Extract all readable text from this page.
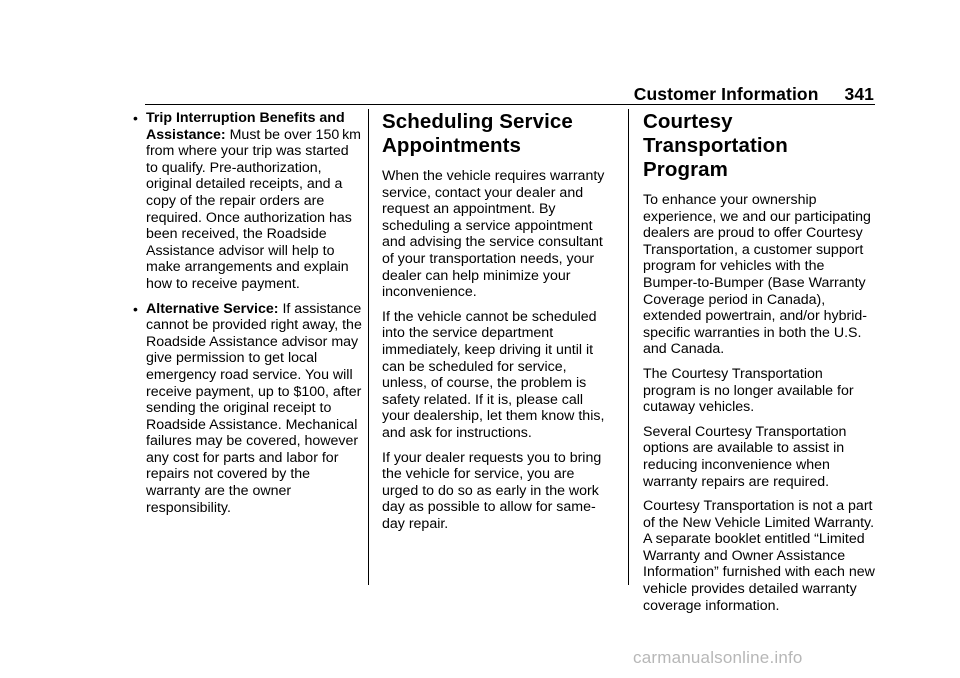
Customer Information 341
• Trip Interruption Benefits and Assistance: Must be over 150 km from where your trip was started to qualify. Pre-authorization, original detailed receipts, and a copy of the repair orders are required. Once authorization has been received, the Roadside Assistance advisor will help to make arrangements and explain how to receive payment.
• Alternative Service: If assistance cannot be provided right away, the Roadside Assistance advisor may give permission to get local emergency road service. You will receive payment, up to $100, after sending the original receipt to Roadside Assistance. Mechanical failures may be covered, however any cost for parts and labor for repairs not covered by the warranty are the owner responsibility.
Scheduling Service Appointments

When the vehicle requires warranty service, contact your dealer and request an appointment. By scheduling a service appointment and advising the service consultant of your transportation needs, your dealer can help minimize your inconvenience.

If the vehicle cannot be scheduled into the service department immediately, keep driving it until it can be scheduled for service, unless, of course, the problem is safety related. If it is, please call your dealership, let them know this, and ask for instructions.

If your dealer requests you to bring the vehicle for service, you are urged to do so as early in the work day as possible to allow for same-day repair.

Courtesy Transportation Program

To enhance your ownership experience, we and our participating dealers are proud to offer Courtesy Transportation, a customer support program for vehicles with the Bumper-to-Bumper (Base Warranty Coverage period in Canada), extended powertrain, and/or hybrid-specific warranties in both the U.S. and Canada.

The Courtesy Transportation program is no longer available for cutaway vehicles.

Several Courtesy Transportation options are available to assist in reducing inconvenience when warranty repairs are required.

Courtesy Transportation is not a part of the New Vehicle Limited Warranty. A separate booklet entitled “Limited Warranty and Owner Assistance Information” furnished with each new vehicle provides detailed warranty coverage information.

carmanualsonline.info
